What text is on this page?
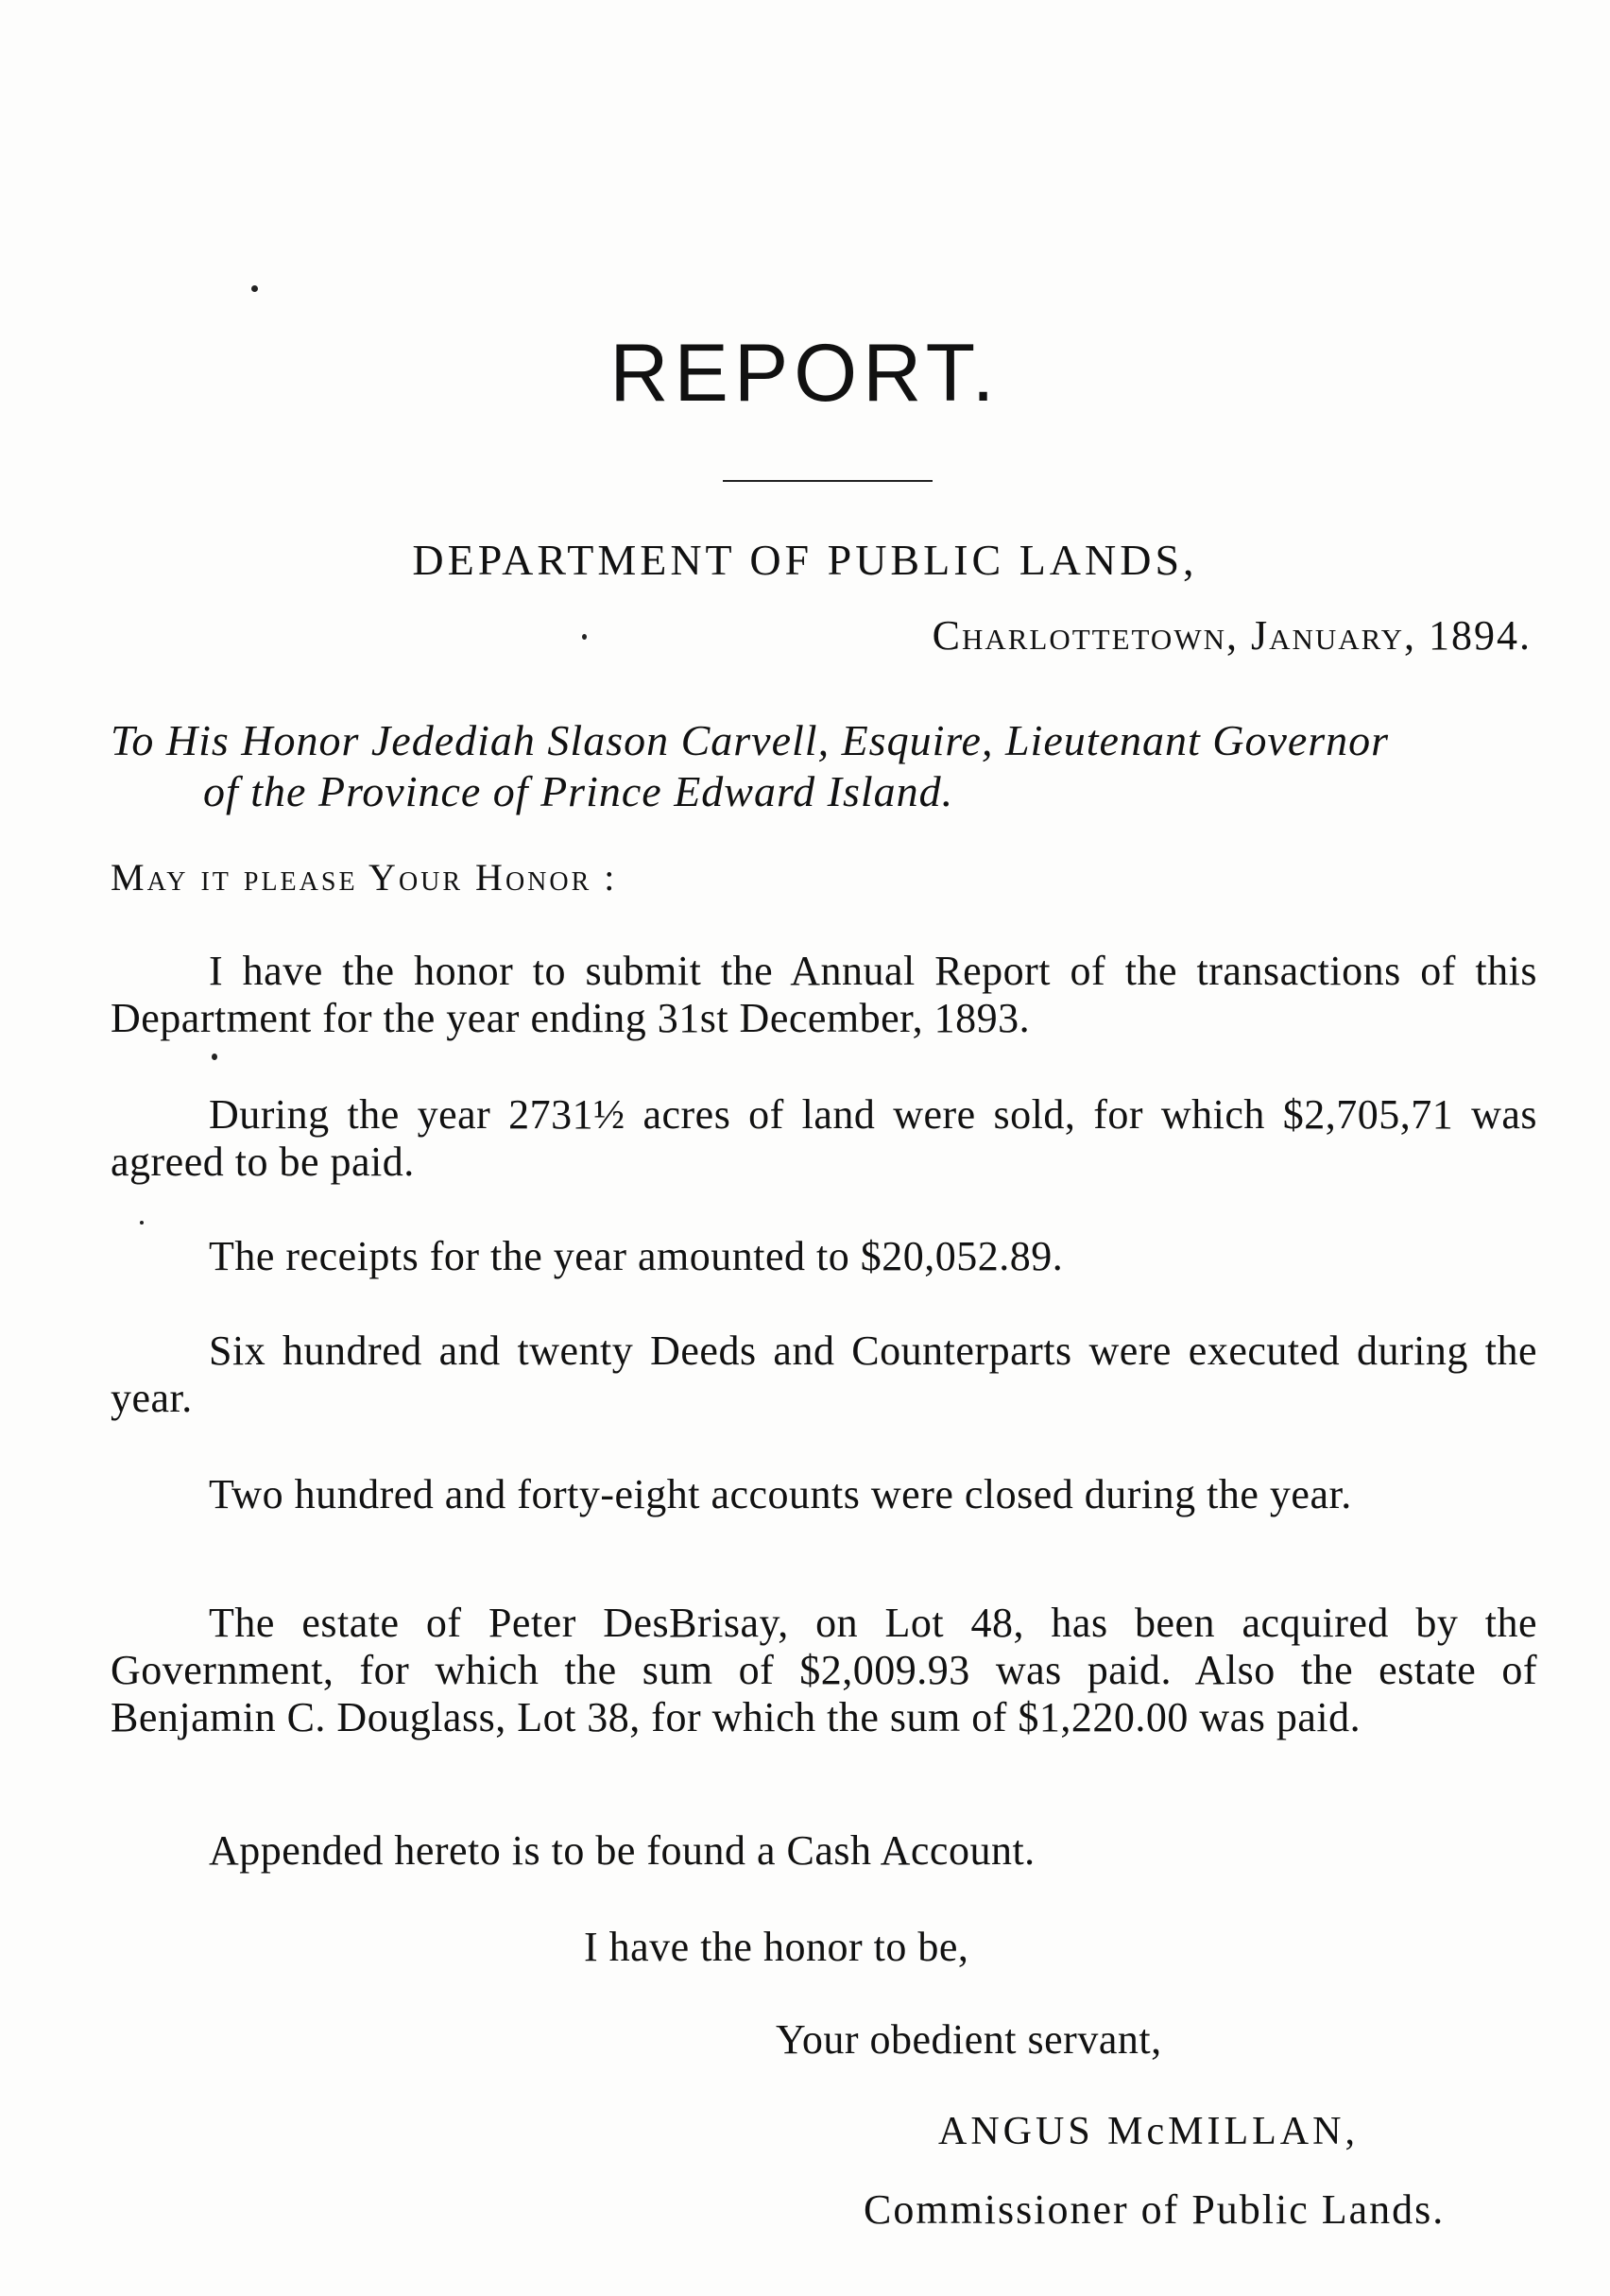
REPORT.
DEPARTMENT OF PUBLIC LANDS,
Charlottetown, January, 1894.
To His Honor Jedediah Slason Carvell, Esquire, Lieutenant Governor
of the Province of Prince Edward Island.
May it please Your Honor :

I have the honor to submit the Annual Report of the transactions of this Department for the year ending 31st December, 1893.

During the year 2731½ acres of land were sold, for which $2,705,71 was agreed to be paid.

The receipts for the year amounted to $20,052.89.

Six hundred and twenty Deeds and Counterparts were executed during the year.

Two hundred and forty-eight accounts were closed during the year.

The estate of Peter DesBrisay, on Lot 48, has been acquired by the Government, for which the sum of $2,009.93 was paid. Also the estate of Benjamin C. Douglass, Lot 38, for which the sum of $1,220.00 was paid.

Appended hereto is to be found a Cash Account.

I have the honor to be,
Your obedient servant,
ANGUS McMILLAN,
Commissioner of Public Lands.
